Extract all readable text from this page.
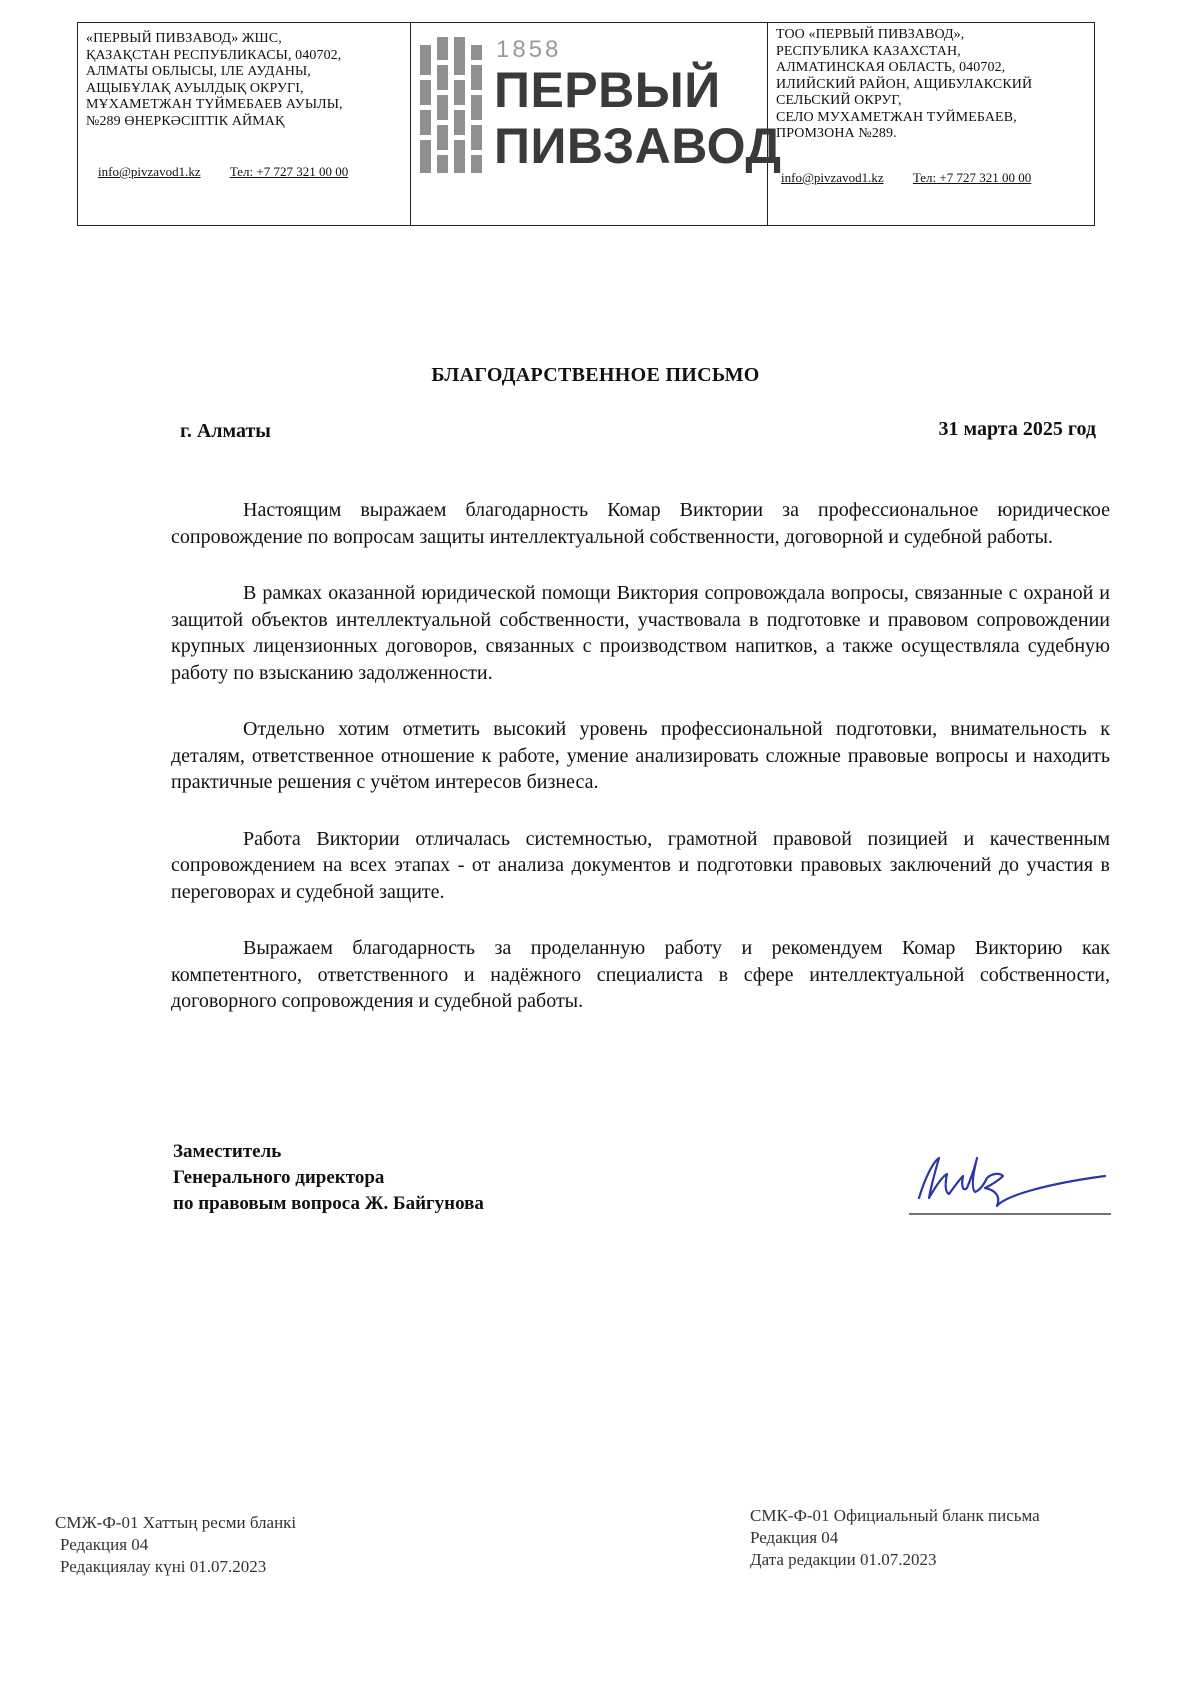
«ПЕРВЫЙ ПИВЗАВОД» ЖШС,
ҚАЗАҚСТАН РЕСПУБЛИКАСЫ, 040702,
АЛМАТЫ ОБЛЫСЫ, ІЛЕ АУДАНЫ,
АЩЫБҰЛАҚ АУЫЛДЫҚ ОКРУГІ,
МҰХАМЕТЖАН ТҮЙМЕБАЕВ АУЫЛЫ,
№289 ӨНЕРКӘСІПТІК АЙМАҚ
info@pivzavod1.kz Тел: +7 727 321 00 00
1858
ПЕРВЫЙ
ПИВЗАВОД
ТОО «ПЕРВЫЙ ПИВЗАВОД»,
РЕСПУБЛИКА КАЗАХСТАН,
АЛМАТИНСКАЯ ОБЛАСТЬ, 040702,
ИЛИЙСКИЙ РАЙОН, АЩИБУЛАКСКИЙ
СЕЛЬСКИЙ ОКРУГ,
СЕЛО МУХАМЕТЖАН ТУЙМЕБАЕВ,
ПРОМЗОНА №289.
info@pivzavod1.kz Тел: +7 727 321 00 00
БЛАГОДАРСТВЕННОЕ ПИСЬМО
г. Алматы	31 марта 2025 год

Настоящим выражаем благодарность Комар Виктории за профессиональное юридическое сопровождение по вопросам защиты интеллектуальной собственности, договорной и судебной работы.

В рамках оказанной юридической помощи Виктория сопровождала вопросы, связанные с охраной и защитой объектов интеллектуальной собственности, участвовала в подготовке и правовом сопровождении крупных лицензионных договоров, связанных с производством напитков, а также осуществляла судебную работу по взысканию задолженности.

Отдельно хотим отметить высокий уровень профессиональной подготовки, внимательность к деталям, ответственное отношение к работе, умение анализировать сложные правовые вопросы и находить практичные решения с учётом интересов бизнеса.

Работа Виктории отличалась системностью, грамотной правовой позицией и качественным сопровождением на всех этапах - от анализа документов и подготовки правовых заключений до участия в переговорах и судебной защите.

Выражаем благодарность за проделанную работу и рекомендуем Комар Викторию как компетентного, ответственного и надёжного специалиста в сфере интеллектуальной собственности, договорного сопровождения и судебной работы.

Заместитель
Генерального директора
по правовым вопроса Ж. Байгунова
СМЖ-Ф-01 Хаттың ресми бланкі
Редакция 04
Редакциялау күні 01.07.2023
СМК-Ф-01 Официальный бланк письма
Редакция 04
Дата редакции 01.07.2023
